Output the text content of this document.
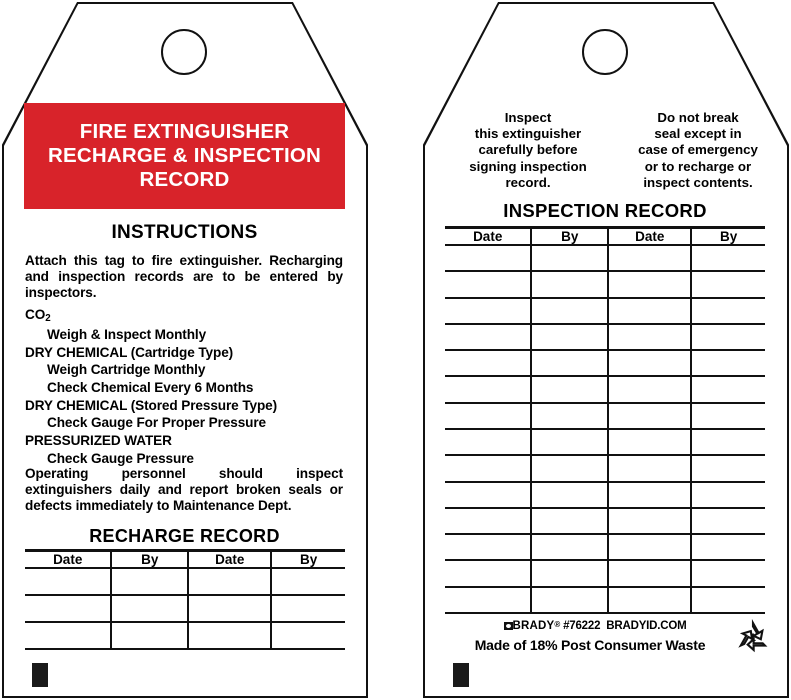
FIRE EXTINGUISHER
RECHARGE & INSPECTION
RECORD
INSTRUCTIONS
Attach this tag to fire extinguisher. Recharging and inspection records are to be entered by inspectors.
$CO_2$
Weigh & Inspect Monthly
DRY CHEMICAL (Cartridge Type)
Weigh Cartridge Monthly
Check Chemical Every 6 Months
DRY CHEMICAL (Stored Pressure Type)
Check Gauge For Proper Pressure
PRESSURIZED WATER
Check Gauge Pressure
Operating personnel should inspect extinguishers daily and report broken seals or defects immediately to Maintenance Dept.
RECHARGE RECORD
Date	By	Date	By

Inspect
this extinguisher
carefully before
signing inspection
record.
Do not break
seal except in
case of emergency
or to recharge or
inspect contents.
INSPECTION RECORD
Date	By	Date	By

BRADY® #76222 BRADYID.COM
Made of 18% Post Consumer Waste	1
